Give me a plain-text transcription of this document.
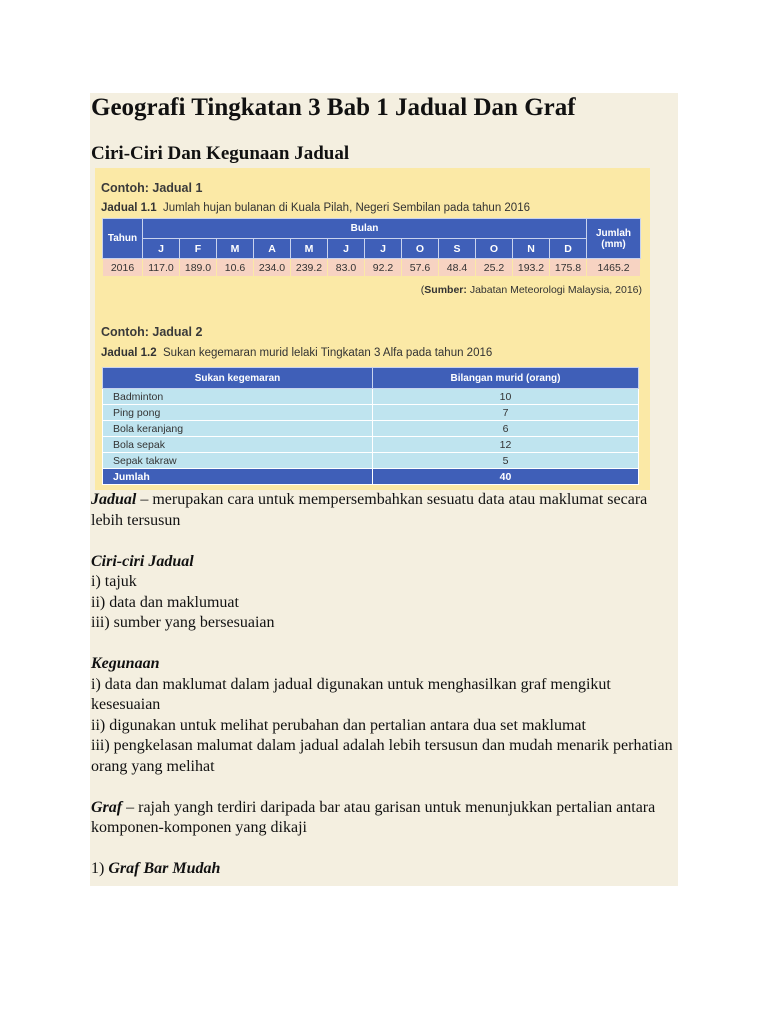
Geografi Tingkatan 3 Bab 1 Jadual Dan Graf
Ciri-Ciri Dan Kegunaan Jadual
Contoh: Jadual 1
Jadual 1.1 Jumlah hujan bulanan di Kuala Pilah, Negeri Sembilan pada tahun 2016
Tahun	Bulan												Jumlah
(mm)
	J	F	M	A	M	J	J	O	S	O	N	D	
2016	117.0	189.0	10.6	234.0	239.2	83.0	92.2	57.6	48.4	25.2	193.2	175.8	1465.2
(Sumber: Jabatan Meteorologi Malaysia, 2016)
Contoh: Jadual 2
Jadual 1.2 Sukan kegemaran murid lelaki Tingkatan 3 Alfa pada tahun 2016
Sukan kegemaran	Bilangan murid (orang)
Badminton	10
Ping pong	7
Bola keranjang	6
Bola sepak	12
Sepak takraw	5
Jumlah	40

Jadual – merupakan cara untuk mempersembahkan sesuatu data atau maklumat secara lebih tersusun

Ciri-ciri Jadual

i) tajuk

ii) data dan maklumuat

iii) sumber yang bersesuaian

Kegunaan

i) data dan maklumat dalam jadual digunakan untuk menghasilkan graf mengikut kesesuaian

ii) digunakan untuk melihat perubahan dan pertalian antara dua set maklumat

iii) pengkelasan malumat dalam jadual adalah lebih tersusun dan mudah menarik perhatian orang yang melihat

Graf – rajah yangh terdiri daripada bar atau garisan untuk menunjukkan pertalian antara komponen-komponen yang dikaji

1) Graf Bar Mudah
